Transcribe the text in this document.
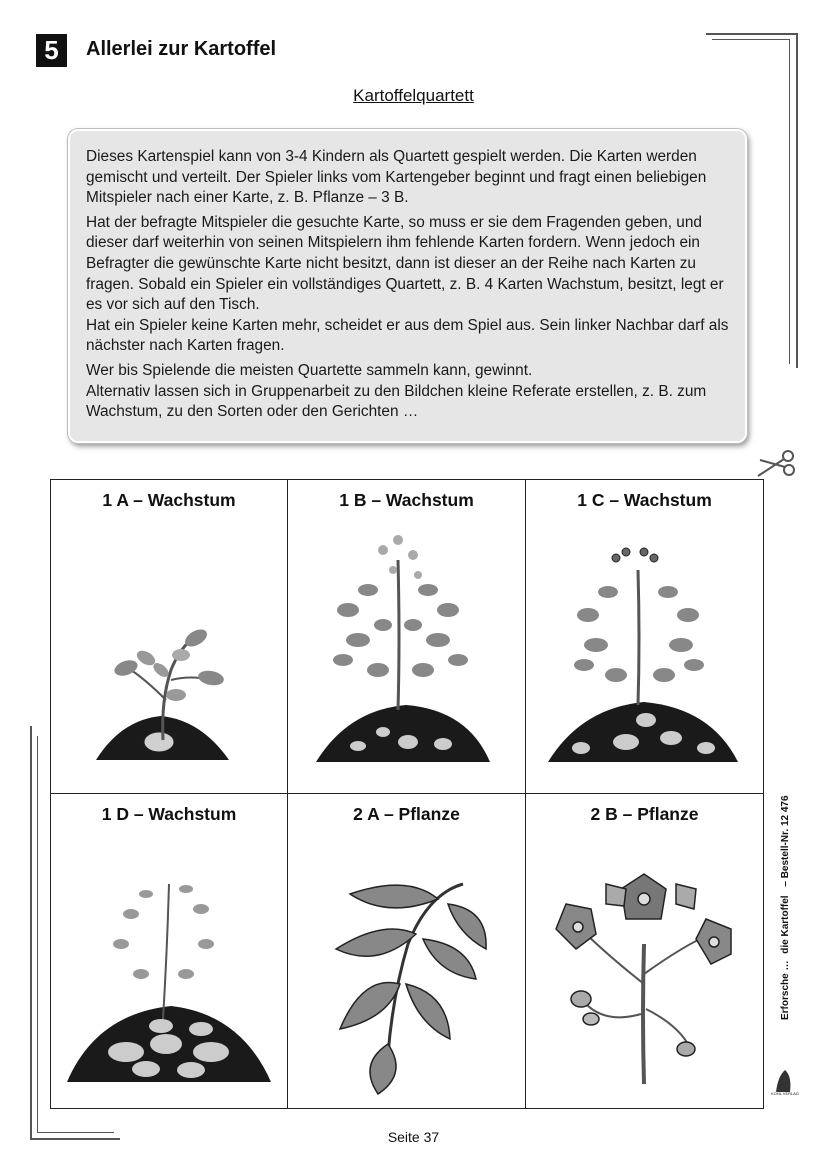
5	Allerlei zur Kartoffel
Kartoffelquartett

Dieses Kartenspiel kann von 3-4 Kindern als Quartett gespielt werden. Die Karten werden gemischt und verteilt. Der Spieler links vom Kartengeber beginnt und fragt einen beliebigen Mitspieler nach einer Karte, z. B. Pflanze – 3 B.

Hat der befragte Mitspieler die gesuchte Karte, so muss er sie dem Fragenden geben, und dieser darf weiterhin von seinen Mitspielern ihm fehlende Karten fordern. Wenn jedoch ein Befragter die gewünschte Karte nicht besitzt, dann ist dieser an der Reihe nach Karten zu fragen. Sobald ein Spieler ein vollständiges Quartett, z. B. 4 Karten Wachstum, besitzt, legt er es vor sich auf den Tisch.

Hat ein Spieler keine Karten mehr, scheidet er aus dem Spiel aus. Sein linker Nachbar darf als nächster nach Karten fragen.

Wer bis Spielende die meisten Quartette sammeln kann, gewinnt.

Alternativ lassen sich in Gruppenarbeit zu den Bildchen kleine Referate erstellen, z. B. zum Wachstum, zu den Sorten oder den Gerichten …

1 A – Wachstum	1 B – Wachstum	1 C – Wachstum
1 D – Wachstum	2 A – Pflanze	2 B – Pflanze
Erforsche … die Kartoffel – Bestell-Nr. 12 476
KOHL VERLAG
Seite 37
